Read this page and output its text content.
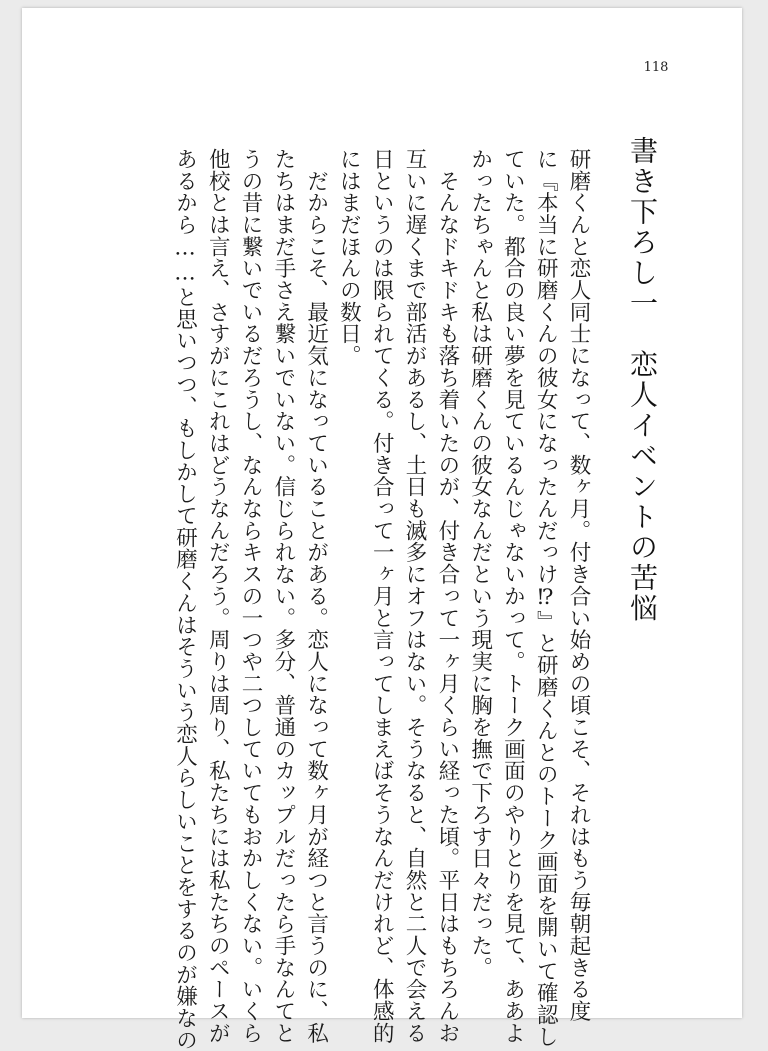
118
書き下ろし一　恋人イベントの苦悩
研磨くんと恋人同士になって、数ヶ月。付き合い始めの頃こそ、それはもう毎朝起きる度
に『本当に研磨くんの彼女になったんだっけ⁉』と研磨くんとのトーク画面を開いて確認し
ていた。都合の良い夢を見ているんじゃないかって。トーク画面のやりとりを見て、ああよ
かったちゃんと私は研磨くんの彼女なんだという現実に胸を撫で下ろす日々だった。
　そんなドキドキも落ち着いたのが、付き合って一ヶ月くらい経った頃。平日はもちろんお
互いに遅くまで部活があるし、土日も滅多にオフはない。そうなると、自然と二人で会える
日というのは限られてくる。付き合って一ヶ月と言ってしまえばそうなんだけれど、体感的
にはまだほんの数日。
　だからこそ、最近気になっていることがある。恋人になって数ヶ月が経つと言うのに、私
たちはまだ手さえ繋いでいない。信じられない。多分、普通のカップルだったら手なんてと
うの昔に繋いでいるだろうし、なんならキスの一つや二つしていてもおかしくない。いくら
他校とは言え、さすがにこれはどうなんだろう。周りは周り、私たちには私たちのペースが
あるから……と思いつつ、もしかして研磨くんはそういう恋人らしいことをするのが嫌なの
